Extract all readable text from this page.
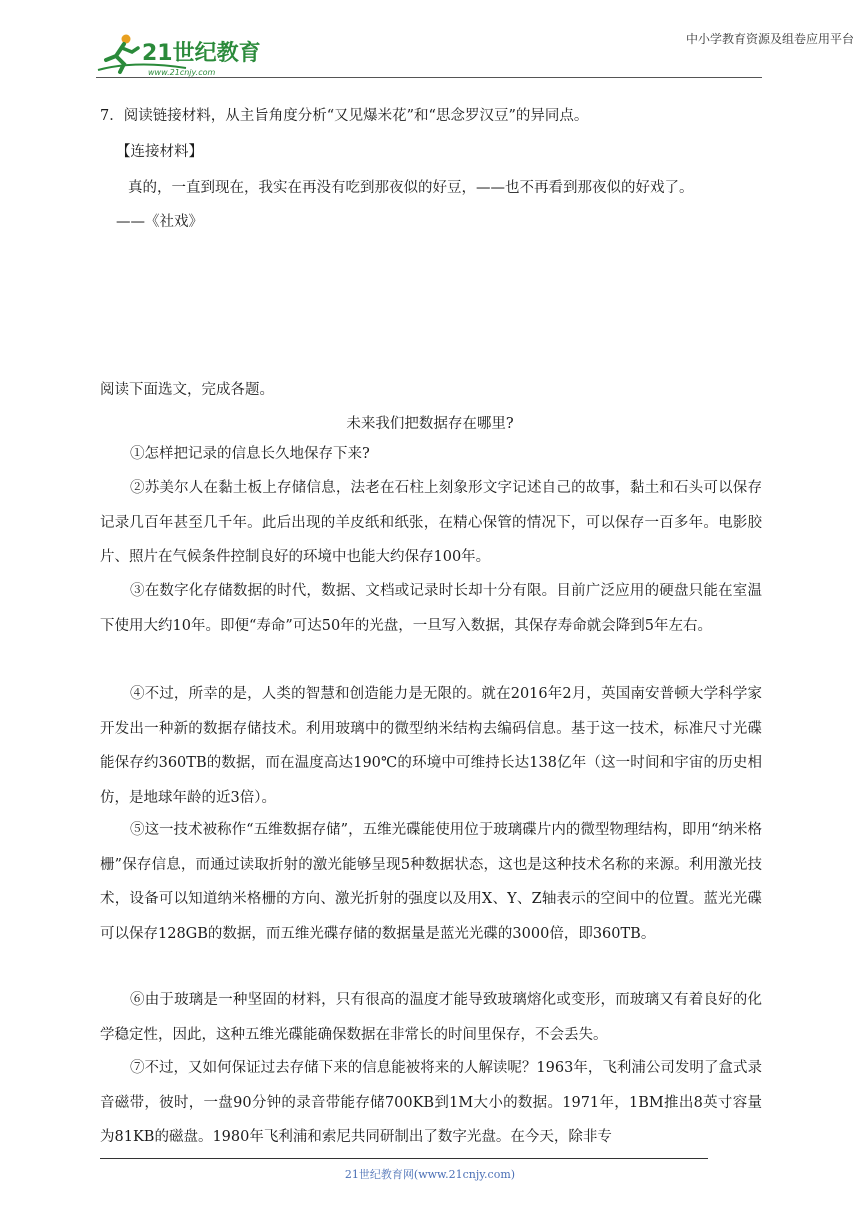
21世纪教育
www.21cnjy.com
中小学教育资源及组卷应用平台
7．阅读链接材料，从主旨角度分析“又见爆米花”和“思念罗汉豆”的异同点。
【连接材料】
真的，一直到现在，我实在再没有吃到那夜似的好豆，——也不再看到那夜似的好戏了。
——《社戏》
阅读下面选文，完成各题。
未来我们把数据存在哪里?
①怎样把记录的信息长久地保存下来?
②苏美尔人在黏土板上存储信息，法老在石柱上刻象形文字记述自己的故事，黏土和石头可以保存记录几百年甚至几千年。此后出现的羊皮纸和纸张，在精心保管的情况下，可以保存一百多年。电影胶片、照片在气候条件控制良好的环境中也能大约保存100年。
③在数字化存储数据的时代，数据、文档或记录时长却十分有限。目前广泛应用的硬盘只能在室温下使用大约10年。即便“寿命”可达50年的光盘，一旦写入数据，其保存寿命就会降到5年左右。
④不过，所幸的是，人类的智慧和创造能力是无限的。就在2016年2月，英国南安普顿大学科学家开发出一种新的数据存储技术。利用玻璃中的微型纳米结构去编码信息。基于这一技术，标准尺寸光碟能保存约360TB的数据，而在温度高达190℃的环境中可维持长达138亿年（这一时间和宇宙的历史相仿，是地球年龄的近3倍）。
⑤这一技术被称作“五维数据存储”，五维光碟能使用位于玻璃碟片内的微型物理结构，即用“纳米格栅”保存信息，而通过读取折射的激光能够呈现5种数据状态，这也是这种技术名称的来源。利用激光技术，设备可以知道纳米格栅的方向、激光折射的强度以及用X、Y、Z轴表示的空间中的位置。蓝光光碟可以保存128GB的数据，而五维光碟存储的数据量是蓝光光碟的3000倍，即360TB。
⑥由于玻璃是一种坚固的材料，只有很高的温度才能导致玻璃熔化或变形，而玻璃又有着良好的化学稳定性，因此，这种五维光碟能确保数据在非常长的时间里保存，不会丢失。
⑦不过，又如何保证过去存储下来的信息能被将来的人解读呢？1963年，飞利浦公司发明了盒式录音磁带，彼时，一盘90分钟的录音带能存储700KB到1M大小的数据。1971年，1BM推出8英寸容量为81KB的磁盘。1980年飞利浦和索尼共同研制出了数字光盘。在今天，除非专
21世纪教育网(www.21cnjy.com)
